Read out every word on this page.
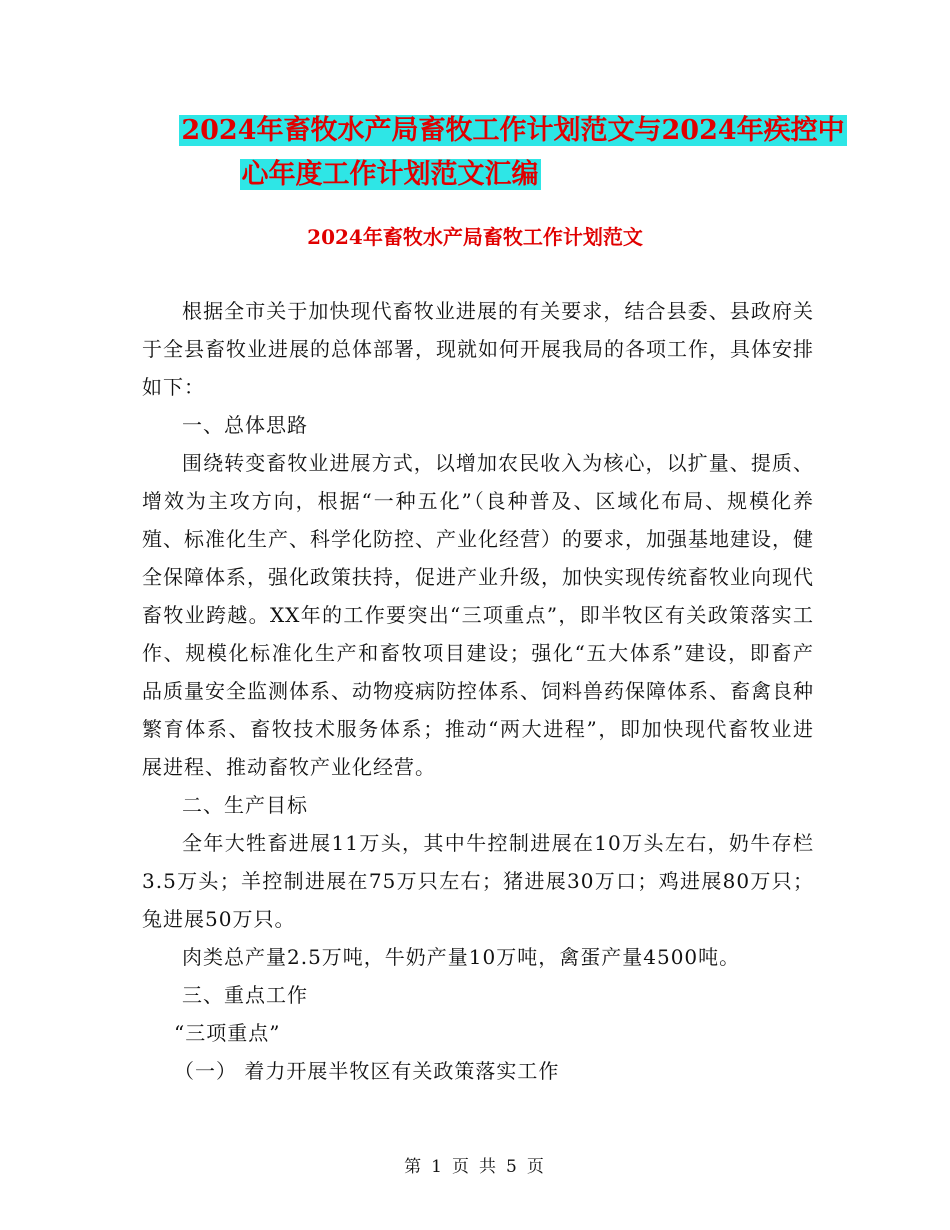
2024年畜牧水产局畜牧工作计划范文与2024年疾控中
心年度工作计划范文汇编
2024年畜牧水产局畜牧工作计划范文

根据全市关于加快现代畜牧业进展的有关要求，结合县委、县政府关于全县畜牧业进展的总体部署，现就如何开展我局的各项工作，具体安排如下：

一、总体思路

围绕转变畜牧业进展方式，以增加农民收入为核心，以扩量、提质、增效为主攻方向，根据“一种五化”（良种普及、区域化布局、规模化养殖、标准化生产、科学化防控、产业化经营）的要求，加强基地建设，健全保障体系，强化政策扶持，促进产业升级，加快实现传统畜牧业向现代畜牧业跨越。XX年的工作要突出“三项重点”，即半牧区有关政策落实工作、规模化标准化生产和畜牧项目建设；强化“五大体系”建设，即畜产品质量安全监测体系、动物疫病防控体系、饲料兽药保障体系、畜禽良种繁育体系、畜牧技术服务体系；推动“两大进程”，即加快现代畜牧业进展进程、推动畜牧产业化经营。

二、生产目标

全年大牲畜进展11万头，其中牛控制进展在10万头左右，奶牛存栏3.5万头；羊控制进展在75万只左右；猪进展30万口；鸡进展80万只；兔进展50万只。

肉类总产量2.5万吨，牛奶产量10万吨，禽蛋产量4500吨。

三、重点工作

“三项重点”

（一） 着力开展半牧区有关政策落实工作

第 1 页 共 5 页
